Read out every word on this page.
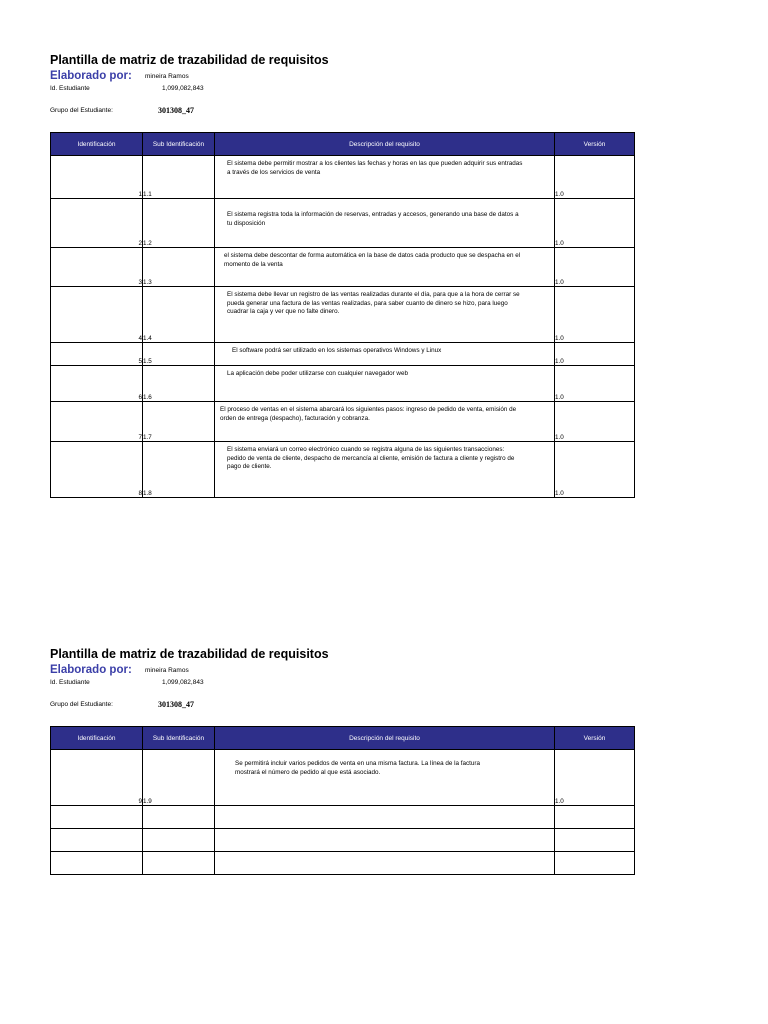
Plantilla de matriz de trazabilidad de requisitos
Elaborado por: mineira Ramos
Id. Estudiante	1,099,082,843
Grupo del Estudiante:	301308_47
Identificación	Sub Identificación	Descripción del requisito	Versión
1	1.1	El sistema debe permitir mostrar a los clientes las fechas y horas en las que pueden adquirir sus entradas a través de los servicios de venta	1.0
2	1.2	El sistema registra toda la información de reservas, entradas y accesos, generando una base de datos a tu disposición	1.0
3	1.3	el sistema debe descontar de forma automática en la base de datos cada producto que se despacha en el momento de la venta	1.0
4	1.4	El sistema debe llevar un registro de las ventas realizadas durante el día, para que a la hora de cerrar se pueda generar una factura de las ventas realizadas, para saber cuanto de dinero se hizo, para luego cuadrar la caja y ver que no falte dinero.	1.0
5	1.5	El software podrá ser utilizado en los sistemas operativos Windows y Linux	1.0
6	1.6	La aplicación debe poder utilizarse con cualquier navegador web	1.0
7	1.7	El proceso de ventas en el sistema abarcará los siguientes pasos: ingreso de pedido de venta, emisión de orden de entrega (despacho), facturación y cobranza.	1.0
8	1.8	El sistema enviará un correo electrónico cuando se registra alguna de las siguientes transacciones: pedido de venta de cliente, despacho de mercancía al cliente, emisión de factura a cliente y registro de pago de cliente.	1.0
Plantilla de matriz de trazabilidad de requisitos
Elaborado por: mineira Ramos
Id. Estudiante	1,099,082,843
Grupo del Estudiante:	301308_47
Identificación	Sub Identificación	Descripción del requisito	Versión
9	1.9	Se permitirá incluir varios pedidos de venta en una misma factura. La línea de la factura mostrará el número de pedido al que está asociado.	1.0
